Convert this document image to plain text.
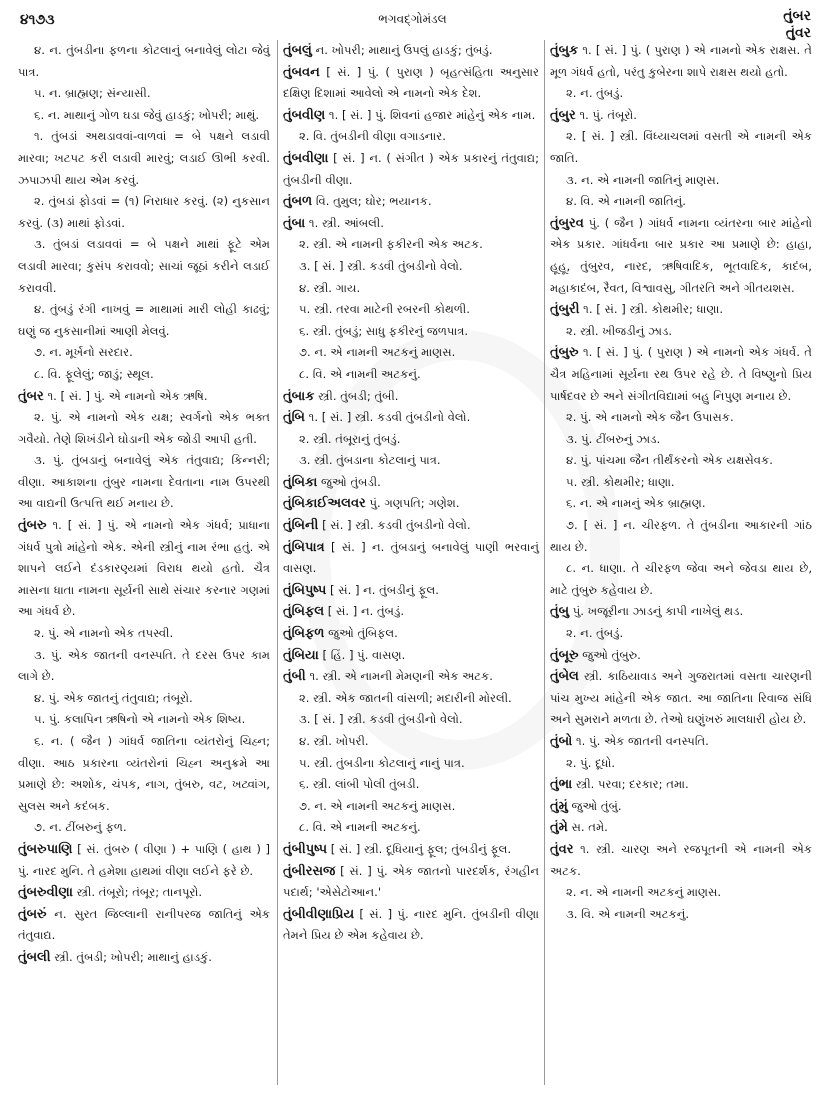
૪૧૭૩	ભગવદ્ગોમંડલ	તુંબર
તુંવર

૪. ન. તુંબડીના ફળના કોટલાનું બનાવેલું લોટા જેવું પાત્ર.

૫. ન. બ્રાહ્મણ; સંન્યાસી.

૬. ન. માથાનું ગોળ ઘડા જેવું હાડકું; ખોપરી; માથું.

૧. તુંબડાં અથડાવવાં-વાળવાં = બે પક્ષને લડાવી મારવા; ખટપટ કરી લડાવી મારવું; લડાઈ ઊભી કરવી. ઝપાઝપી થાય એમ કરવું.

૨. તુંબડાં ફોડવાં = (૧) નિરાધાર કરવું. (૨) નુકસાન કરવું. (૩) માથાં ફોડવાં.

૩. તુંબડાં લડાવવાં = બે પક્ષને માથાં ફૂટે એમ લડાવી મારવા; કુસંપ કરાવવો; સાચાં જૂઠાં કરીને લડાઈ કરાવવી.

૪. તુંબડું રંગી નાખવું = માથામાં મારી લોહી કાઢવું; ઘણું જ નુકસાનીમાં આણી મેલવું.

૭. ન. મૂર્ખનો સરદાર.

૮. વિ. ફૂલેલું; જાડું; સ્થૂલ.

તુંબર ૧. [ સં. ] પું. એ નામનો એક ઋષિ.

૨. પું. એ નામનો એક યક્ષ; સ્વર્ગનો એક ભક્ત ગવૈયો. તેણે શિખંડીને ઘોડાની એક જોડી આપી હતી.

૩. પું. તુંબડાનું બનાવેલું એક તંતુવાદ્ય; કિન્નરી; વીણા. આકાશના તુંબુર નામના દેવતાના નામ ઉપરથી આ વાદ્યની ઉત્પત્તિ થઈ મનાય છે.

તુંબરુ ૧. [ સં. ] પું. એ નામનો એક ગંધર્વ; પ્રાધાના ગંધર્વ પુત્રો માંહેનો એક. એની સ્ત્રીનું નામ રંભા હતું. એ શાપને લઈને દંડકારણ્યમાં વિરાધ થયો હતો. ચૈત્ર માસના ધાતા નામના સૂર્યની સાથે સંચાર કરનાર ગણમાં આ ગંધર્વ છે.

૨. પું. એ નામનો એક તપસ્વી.

૩. પું. એક જાતની વનસ્પતિ. તે દરસ ઉપર કામ લાગે છે.

૪. પું. એક જાતનું તંતુવાદ્ય; તંબૂરો.

૫. પું. કલાપિન ઋષિનો એ નામનો એક શિષ્ય.

૬. ન. ( જૈન ) ગાંધર્વ જાતિના વ્યંતરોનું ચિહ્ન; વીણા. આઠ પ્રકારના વ્યંતરોનાં ચિહ્ન અનુક્રમે આ પ્રમાણે છે: અશોક, ચંપક, નાગ, તુંબરુ, વટ, ખટ્વાંગ, સુલસ અને કદંબક.

૭. ન. ટીંબરુનું ફળ.

તુંબરુપાણિ [ સં. તુંબરુ ( વીણા ) + પાણિ ( હાથ ) ] પું. નારદ મુનિ. તે હમેશા હાથમાં વીણા લઈને ફરે છે.

તુંબરુવીણા સ્ત્રી. તંબૂરો; તંબૂર; તાનપૂરો.

તુંબરું ન. સુરત જિલ્લાની રાનીપરજ જાતિનું એક તંતુવાદ્ય.

તુંબલી સ્ત્રી. તુંબડી; ખોપરી; માથાનું હાડકું.

તુંબલું ન. ખોપરી; માથાનું ઉપલું હાડકું; તુંબડું.

તુંબવન [ સં. ] પું. ( પુરાણ ) બૃહત્સંહિતા અનુસાર દક્ષિણ દિશામાં આવેલો એ નામનો એક દેશ.

તુંબવીણ ૧. [ સં. ] પું. શિવનાં હજાર માંહેનું એક નામ.

૨. વિ. તુંબડીની વીણા વગાડનાર.

તુંબવીણા [ સં. ] ન. ( સંગીત ) એક પ્રકારનું તંતુવાદ્ય; તુંબડીની વીણા.

તુંબળ વિ. તુમુલ; ઘોર; ભયાનક.

તુંબા ૧. સ્ત્રી. આંબલી.

૨. સ્ત્રી. એ નામની ફકીરની એક અટક.

૩. [ સં. ] સ્ત્રી. કડવી તુંબડીનો વેલો.

૪. સ્ત્રી. ગાય.

૫. સ્ત્રી. તરવા માટેની રબરની કોથળી.

૬. સ્ત્રી. તુંબડું; સાધુ ફકીરનું જળપાત્ર.

૭. ન. એ નામની અટકનું માણસ.

૮. વિ. એ નામની અટકનું.

તુંબાક સ્ત્રી. તુંબડી; તુંબી.

તુંબિ ૧. [ સં. ] સ્ત્રી. કડવી તુંબડીનો વેલો.

૨. સ્ત્રી. તંબૂરાનું તુંબડું.

૩. સ્ત્રી. તુંબડાના કોટલાનું પાત્ર.

તુંબિકા જુઓ તુંબડી.

તુંબિકાઈઅલવર પું. ગણપતિ; ગણેશ.

તુંબિની [ સં. ] સ્ત્રી. કડવી તુંબડીનો વેલો.

તુંબિપાત્ર [ સં. ] ન. તુંબડાનું બનાવેલું પાણી ભરવાનું વાસણ.

તુંબિપુષ્પ [ સં. ] ન. તુંબડીનું ફૂલ.

તુંબિફલ [ સં. ] ન. તુંબડું.

તુંબિફળ જુઓ તુંબિફલ.

તુંબિયા [ હિં. ] પું. વાસણ.

તુંબી ૧. સ્ત્રી. એ નામની મેમણની એક અટક.

૨. સ્ત્રી. એક જાતની વાંસળી; મદારીની મોરલી.

૩. [ સં. ] સ્ત્રી. કડવી તુંબડીનો વેલો.

૪. સ્ત્રી. ખોપરી.

૫. સ્ત્રી. તુંબડીના કોટલાનું નાનું પાત્ર.

૬. સ્ત્રી. લાંબી પોલી તુંબડી.

૭. ન. એ નામની અટકનું માણસ.

૮. વિ. એ નામની અટકનું.

તુંબીપુષ્પ [ સં. ] સ્ત્રી. દૂધિયાનું ફૂલ; તુંબડીનું ફૂલ.

તુંબીરસજ [ સં. ] પું. એક જાતનો પારદર્શક, રંગહીન પદાર્થ; 'એસેટોઆન.'

તુંબીવીણાપ્રિય [ સં. ] પું. નારદ મુનિ. તુંબડીની વીણા તેમને પ્રિય છે એમ કહેવાય છે.

તુંબુક ૧. [ સં. ] પું. ( પુરાણ ) એ નામનો એક રાક્ષસ. તે મૂળ ગંધર્વ હતો, પરંતુ કુબેરના શાપે રાક્ષસ થયો હતો.

૨. ન. તુંબડું.

તુંબુર ૧. પું. તંબૂરો.

૨. [ સં. ] સ્ત્રી. વિંધ્યાચલમાં વસતી એ નામની એક જાતિ.

૩. ન. એ નામની જાતિનું માણસ.

૪. વિ. એ નામની જાતિનું.

તુંબુરવ પું. ( જૈન ) ગાંધર્વ નામના વ્યંતરના બાર માંહેનો એક પ્રકાર. ગાંધર્વના બાર પ્રકાર આ પ્રમાણે છે: હાહા, હૂહૂ, તુંબુરવ, નારદ, ઋષિવાદિક, ભૂતવાદિક, કાદંબ, મહાકાદંબ, રૈવત, વિશ્વાવસુ, ગીતરતિ અને ગીતયશસ.

તુંબુરી ૧. [ સં. ] સ્ત્રી. કોથમીર; ધાણા.

૨. સ્ત્રી. ખીજડીનું ઝાડ.

તુંબુરુ ૧. [ સં. ] પું. ( પુરાણ ) એ નામનો એક ગંધર્વ. તે ચૈત્ર મહિનામાં સૂર્યના રથ ઉપર રહે છે. તે વિષ્ણુનો પ્રિય પાર્ષદવર છે અને સંગીતવિદ્યામાં બહુ નિપુણ મનાય છે.

૨. પું. એ નામનો એક જૈન ઉપાસક.

૩. પું. ટીંબરુનું ઝાડ.

૪. પું. પાંચમા જૈન તીર્થંકરનો એક યક્ષસેવક.

૫. સ્ત્રી. કોથમીર; ધાણા.

૬. ન. એ નામનું એક બ્રાહ્મણ.

૭. [ સં. ] ન. ચીરફળ. તે તુંબડીના આકારની ગાંઠ થાય છે.

૮. ન. ધાણા. તે ચીરફળ જેવા અને જેવડા થાય છે, માટે તુંબુરુ કહેવાય છે.

તુંબુ પું. ખજૂરીના ઝાડનું કાપી નાખેલું થડ.

૨. ન. તુંબડું.

તુંબૂરુ જુઓ તુંબુરુ.

તુંબેલ સ્ત્રી. કાઠિયાવાડ અને ગુજરાતમાં વસતા ચારણની પાંચ મુખ્ય માંહેની એક જાત. આ જાતિના રિવાજ સંધિ અને સુમરાને મળતા છે. તેઓ ઘણુંખરું માલધારી હોય છે.

તુંબો ૧. પું. એક જાતની વનસ્પતિ.

૨. પું. દૂધો.

તુંભા સ્ત્રી. પરવા; દરકાર; તમા.

તુંમું જુઓ તુંબું.

તુંમે સ. તમે.

તુંવર ૧. સ્ત્રી. ચારણ અને રજપૂતની એ નામની એક અટક.

૨. ન. એ નામની અટકનું માણસ.

૩. વિ. એ નામની અટકનું.
